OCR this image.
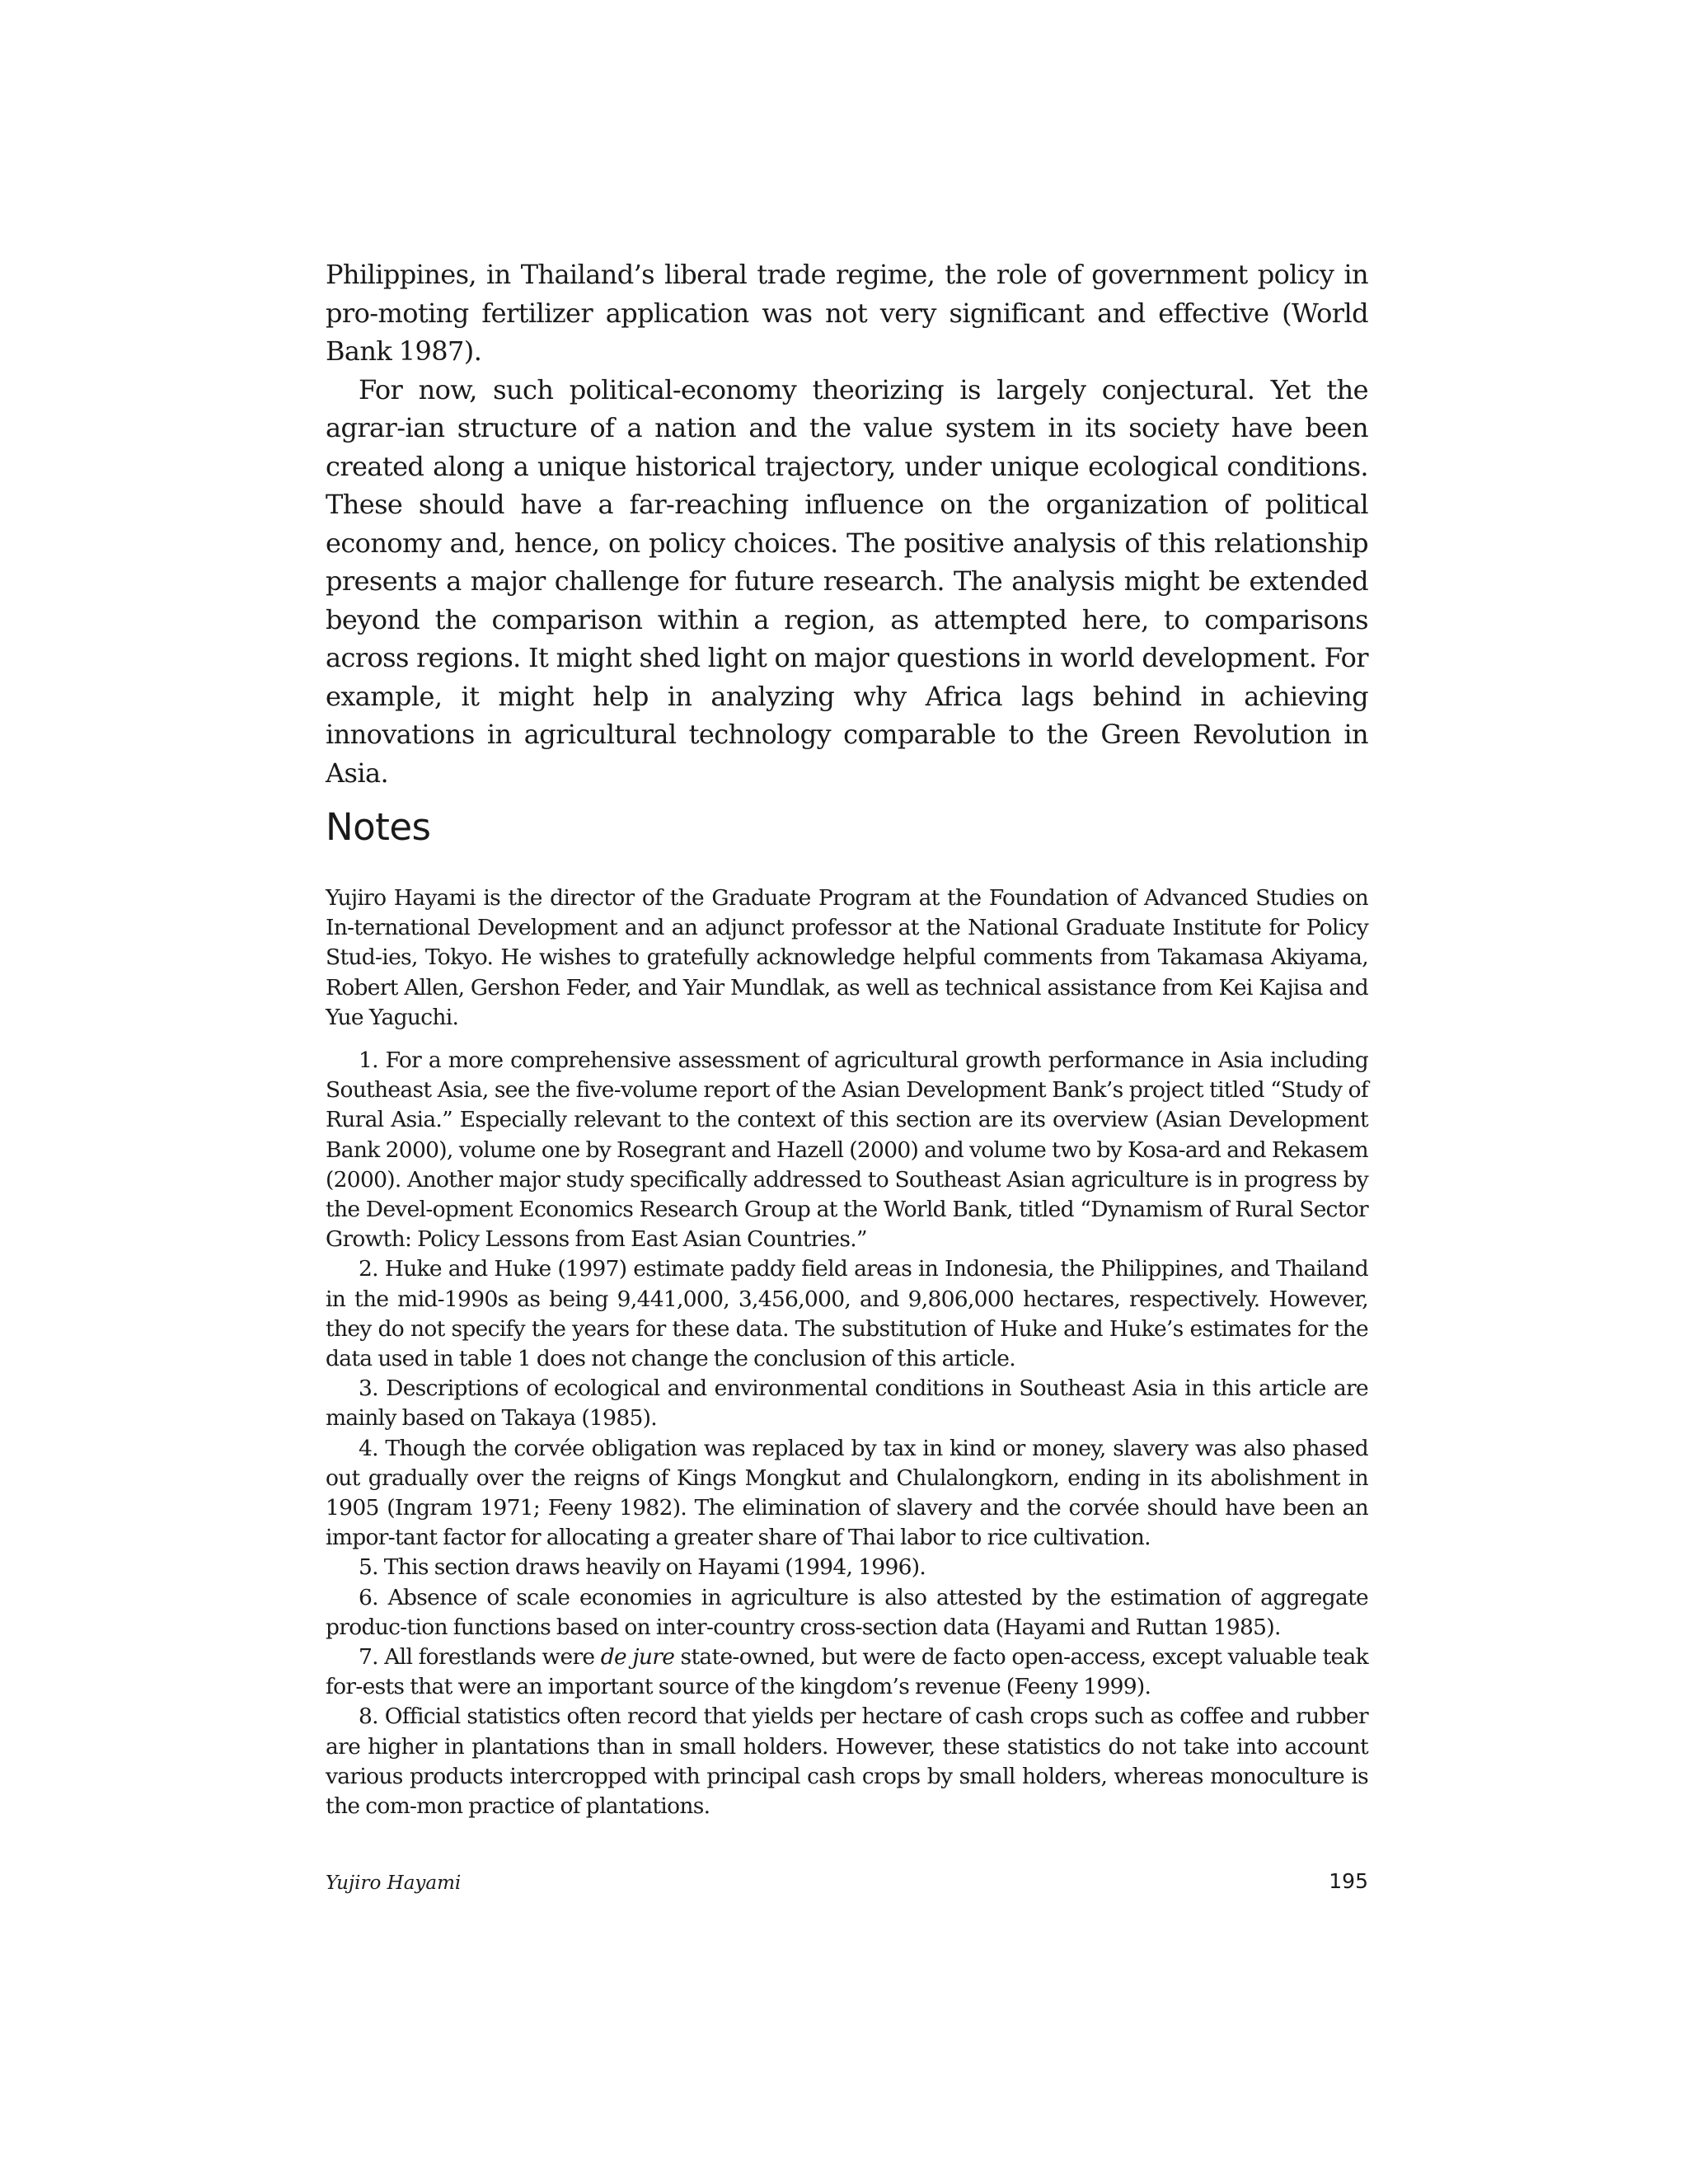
Philippines, in Thailand’s liberal trade regime, the role of government policy in pro-moting fertilizer application was not very significant and effective (World Bank 1987).

For now, such political-economy theorizing is largely conjectural. Yet the agrar-ian structure of a nation and the value system in its society have been created along a unique historical trajectory, under unique ecological conditions. These should have a far-reaching influence on the organization of political economy and, hence, on policy choices. The positive analysis of this relationship presents a major challenge for future research. The analysis might be extended beyond the comparison within a region, as attempted here, to comparisons across regions. It might shed light on major questions in world development. For example, it might help in analyzing why Africa lags behind in achieving innovations in agricultural technology comparable to the Green Revolution in Asia.

Notes

Yujiro Hayami is the director of the Graduate Program at the Foundation of Advanced Studies on In-ternational Development and an adjunct professor at the National Graduate Institute for Policy Stud-ies, Tokyo. He wishes to gratefully acknowledge helpful comments from Takamasa Akiyama, Robert Allen, Gershon Feder, and Yair Mundlak, as well as technical assistance from Kei Kajisa and Yue Yaguchi.

1. For a more comprehensive assessment of agricultural growth performance in Asia including Southeast Asia, see the five-volume report of the Asian Development Bank’s project titled “Study of Rural Asia.” Especially relevant to the context of this section are its overview (Asian Development Bank 2000), volume one by Rosegrant and Hazell (2000) and volume two by Kosa-ard and Rekasem (2000). Another major study specifically addressed to Southeast Asian agriculture is in progress by the Devel-opment Economics Research Group at the World Bank, titled “Dynamism of Rural Sector Growth: Policy Lessons from East Asian Countries.”

2. Huke and Huke (1997) estimate paddy field areas in Indonesia, the Philippines, and Thailand in the mid-1990s as being 9,441,000, 3,456,000, and 9,806,000 hectares, respectively. However, they do not specify the years for these data. The substitution of Huke and Huke’s estimates for the data used in table 1 does not change the conclusion of this article.

3. Descriptions of ecological and environmental conditions in Southeast Asia in this article are mainly based on Takaya (1985).

4. Though the corvée obligation was replaced by tax in kind or money, slavery was also phased out gradually over the reigns of Kings Mongkut and Chulalongkorn, ending in its abolishment in 1905 (Ingram 1971; Feeny 1982). The elimination of slavery and the corvée should have been an impor-tant factor for allocating a greater share of Thai labor to rice cultivation.

5. This section draws heavily on Hayami (1994, 1996).

6. Absence of scale economies in agriculture is also attested by the estimation of aggregate produc-tion functions based on inter-country cross-section data (Hayami and Ruttan 1985).

7. All forestlands were de jure state-owned, but were de facto open-access, except valuable teak for-ests that were an important source of the kingdom’s revenue (Feeny 1999).

8. Official statistics often record that yields per hectare of cash crops such as coffee and rubber are higher in plantations than in small holders. However, these statistics do not take into account various products intercropped with principal cash crops by small holders, whereas monoculture is the com-mon practice of plantations.

Yujiro Hayami	195
